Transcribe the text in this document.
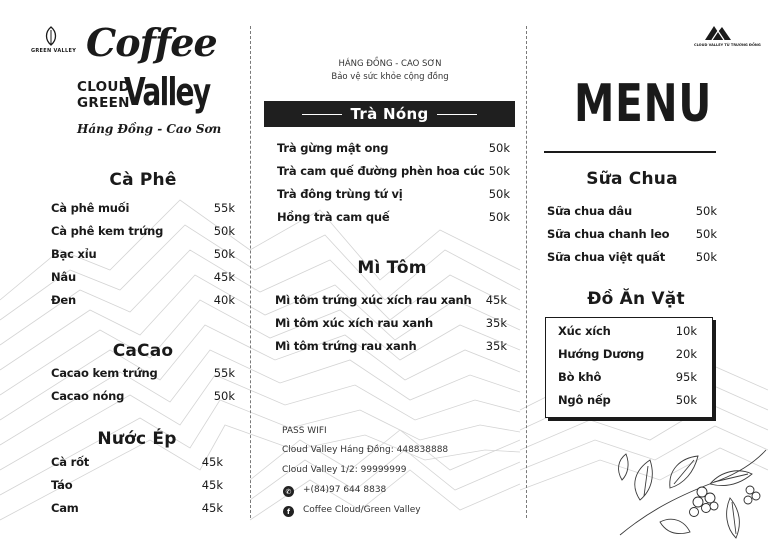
GREEN VALLEY Coffee
CLOUD
GREEN
Valley
Háng Đồng - Cao Sơn
CLOUD VALLEY TỪ TRƯỜNG ĐỒNG
Cà Phê
Cà phê muối	55k
Cà phê kem trứng	50k
Bạc xỉu	50k
Nâu	45k
Đen	40k
CaCao
Cacao kem trứng	55k
Cacao nóng	50k
Nước Ép
Cà rốt	45k
Táo	45k
Cam	45k
HÁNG ĐỒNG - CAO SƠN
Bảo vệ sức khỏe cộng đồng
Trà Nóng
Trà gừng mật ong	50k
Trà cam quế đường phèn hoa cúc 50k
Trà đông trùng tứ vị	50k
Hồng trà cam quế	50k
Mì Tôm
Mì tôm trứng xúc xích rau xanh 45k
Mì tôm xúc xích rau xanh	35k
Mì tôm trứng rau xanh	35k
PASS WIFI
Cloud Valley Háng Đồng: 448838888
Cloud Valley 1/2: 99999999
✆ +(84)97 644 8838
f	Coffee Cloud/Green Valley
MENU
Sữa Chua
Sữa chua dâu	50k
Sữa chua chanh leo 50k
Sữa chua việt quất	50k
Đồ Ăn Vặt
Xúc xích	10k
Hướng Dương	20k
Bò khô	95k
Ngô nếp	50k
